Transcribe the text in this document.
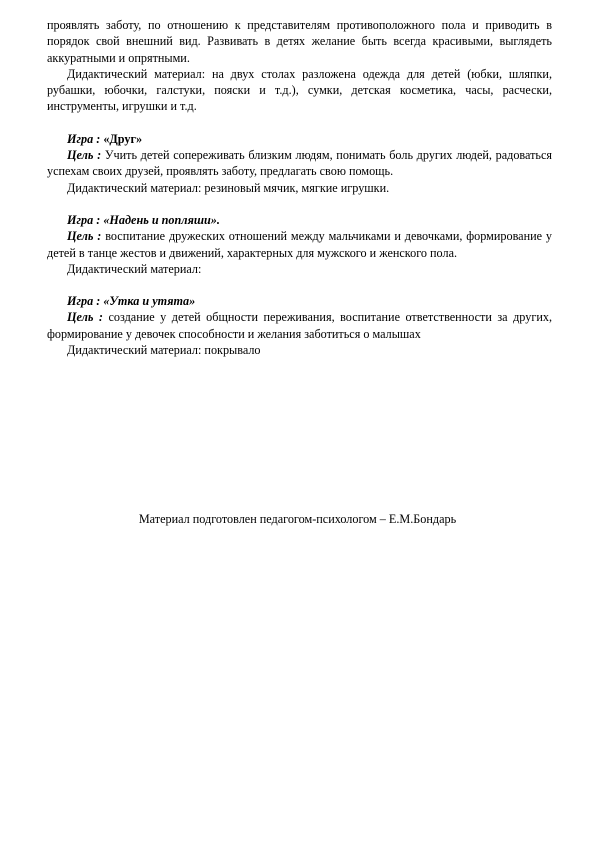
проявлять заботу, по отношению к представителям противоположного пола и приводить в порядок свой внешний вид. Развивать в детях желание быть всегда красивыми, выглядеть аккуратными и опрятными.

Дидактический материал: на двух столах разложена одежда для детей (юбки, шляпки, рубашки, юбочки, галстуки, пояски и т.д.), сумки, детская косметика, часы, расчески, инструменты, игрушки и т.д.

Игра : «Друг»

Цель : Учить детей сопереживать близким людям, понимать боль других людей, радоваться успехам своих друзей, проявлять заботу, предлагать свою помощь.

Дидактический материал: резиновый мячик, мягкие игрушки.

Игра : «Надень и попляши».

Цель : воспитание дружеских отношений между мальчиками и девочками, формирование у детей в танце жестов и движений, характерных для мужского и женского пола.

Дидактический материал:

Игра : «Утка и утята»

Цель : создание у детей общности переживания, воспитание ответственности за других, формирование у девочек способности и желания заботиться о малышах

Дидактический материал: покрывало

Материал подготовлен педагогом-психологом – Е.М.Бондарь
